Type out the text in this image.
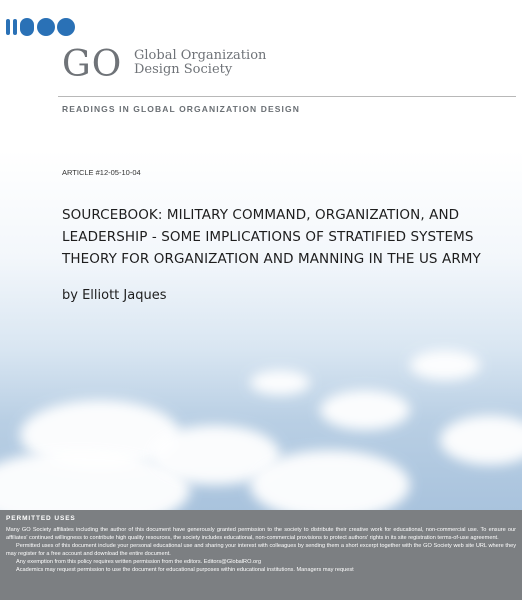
GO Global Organization
Design Society
READINGS IN GLOBAL ORGANIZATION DESIGN
ARTICLE #12-05-10-04
SOURCEBOOK: MILITARY COMMAND, ORGANIZATION, AND
LEADERSHIP - SOME IMPLICATIONS OF STRATIFIED SYSTEMS
THEORY FOR ORGANIZATION AND MANNING IN THE US ARMY
by Elliott Jaques
PERMITTED USES

Many GO Society affiliates including the author of this document have generously granted permission to the society to distribute their creative work for educational, non-commercial use. To ensure our affiliates' continued willingness to contribute high quality resources, the society includes educational, non-commercial provisions to protect authors' rights in its site registration terms-of-use agreement.

Permitted uses of this document include your personal educational use and sharing your interest with colleagues by sending them a short excerpt together with the GO Society web site URL where they may register for a free account and download the entire document.

Any exemption from this policy requires written permission from the editors. Editors@GlobalRO.org

Academics may request permission to use the document for educational purposes within educational institutions. Managers may request
